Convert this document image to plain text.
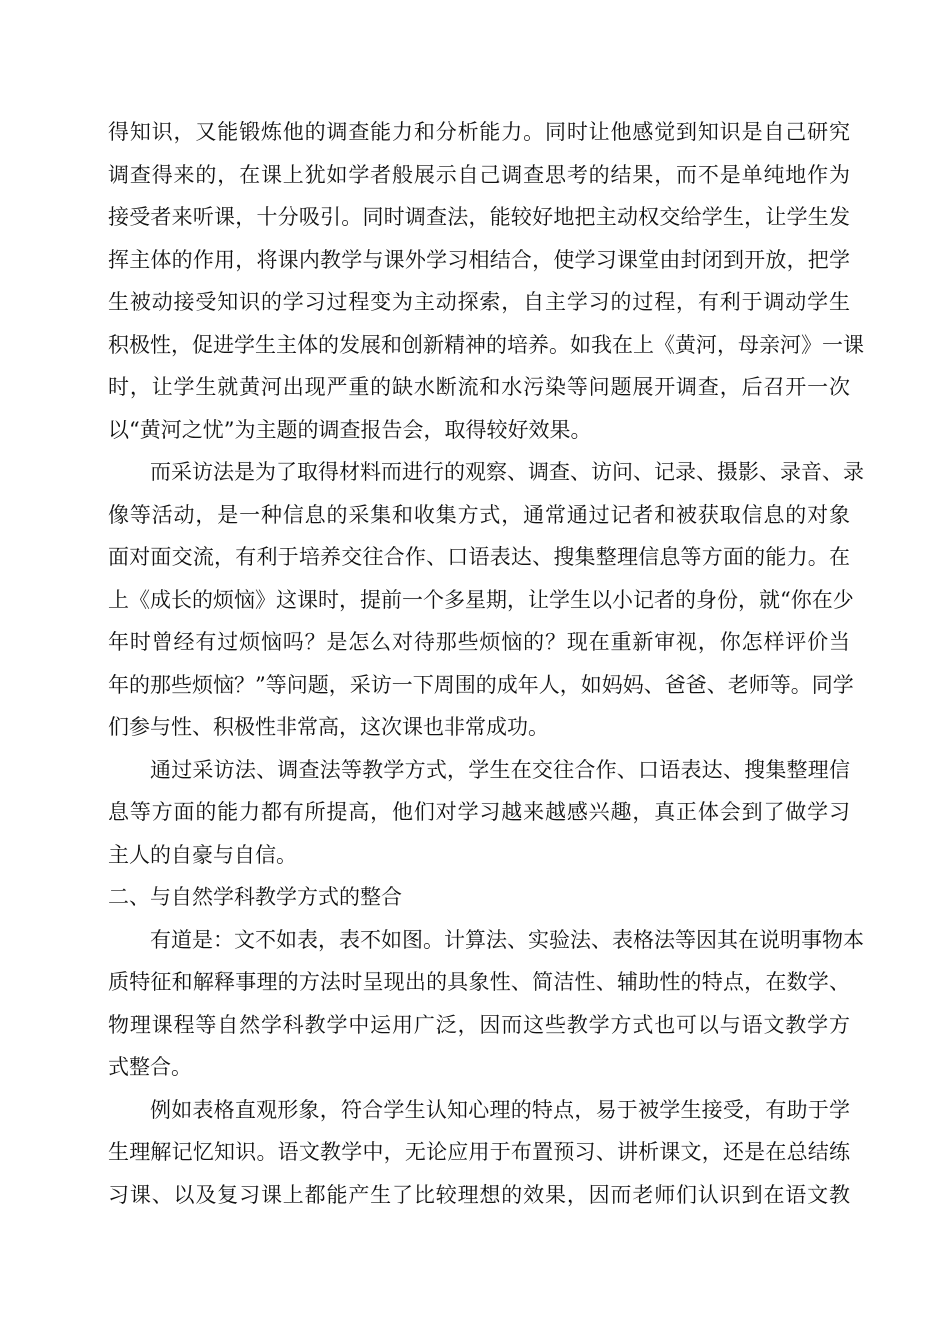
得知识，又能锻炼他的调查能力和分析能力。同时让他感觉到知识是自己研究
调查得来的，在课上犹如学者般展示自己调查思考的结果，而不是单纯地作为
接受者来听课，十分吸引。同时调查法，能较好地把主动权交给学生，让学生发
挥主体的作用，将课内教学与课外学习相结合，使学习课堂由封闭到开放，把学
生被动接受知识的学习过程变为主动探索，自主学习的过程，有利于调动学生
积极性，促进学生主体的发展和创新精神的培养。如我在上《黄河，母亲河》一课
时，让学生就黄河出现严重的缺水断流和水污染等问题展开调查，后召开一次
以“黄河之忧”为主题的调查报告会，取得较好效果。
而采访法是为了取得材料而进行的观察、调查、访问、记录、摄影、录音、录
像等活动，是一种信息的采集和收集方式，通常通过记者和被获取信息的对象
面对面交流，有利于培养交往合作、口语表达、搜集整理信息等方面的能力。在
上《成长的烦恼》这课时，提前一个多星期，让学生以小记者的身份，就“你在少
年时曾经有过烦恼吗？是怎么对待那些烦恼的？现在重新审视，你怎样评价当
年的那些烦恼？”等问题，采访一下周围的成年人，如妈妈、爸爸、老师等。同学
们参与性、积极性非常高，这次课也非常成功。
通过采访法、调查法等教学方式，学生在交往合作、口语表达、搜集整理信
息等方面的能力都有所提高，他们对学习越来越感兴趣，真正体会到了做学习
主人的自豪与自信。
二、与自然学科教学方式的整合
有道是：文不如表，表不如图。计算法、实验法、表格法等因其在说明事物本
质特征和解释事理的方法时呈现出的具象性、简洁性、辅助性的特点，在数学、
物理课程等自然学科教学中运用广泛，因而这些教学方式也可以与语文教学方
式整合。
例如表格直观形象，符合学生认知心理的特点，易于被学生接受，有助于学
生理解记忆知识。语文教学中，无论应用于布置预习、讲析课文，还是在总结练
习课、以及复习课上都能产生了比较理想的效果，因而老师们认识到在语文教
